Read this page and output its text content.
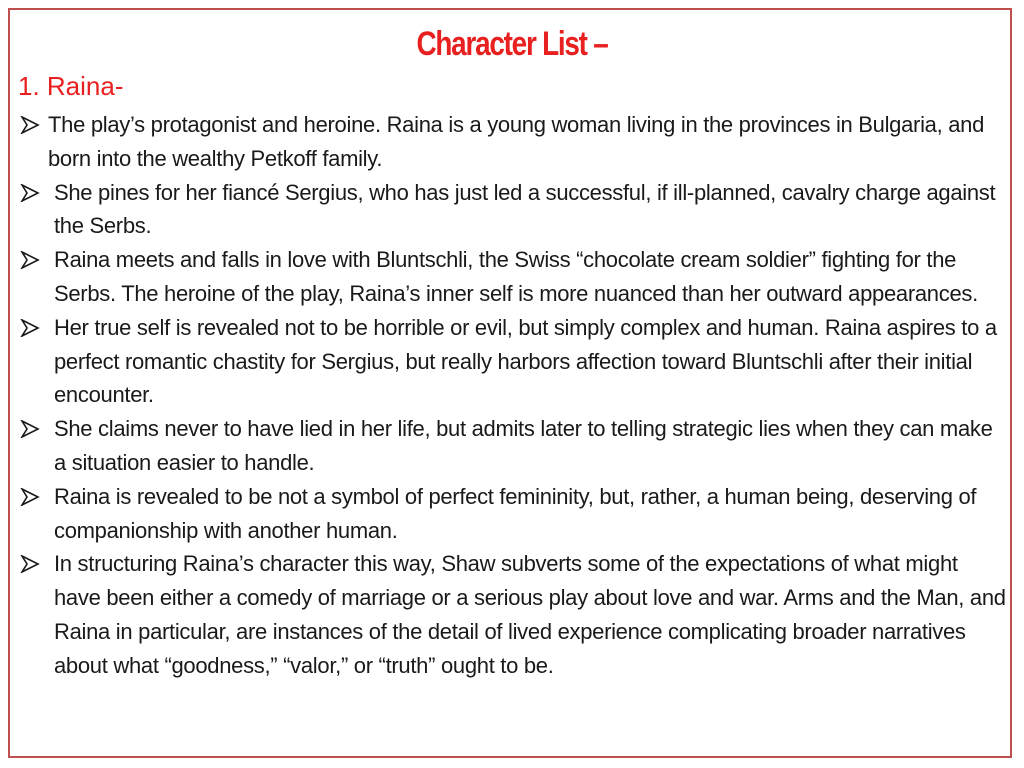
Character List –
1. Raina-
The play’s protagonist and heroine. Raina is a young woman living in the provinces in Bulgaria, and born into the wealthy Petkoff family.
She pines for her fiancé Sergius, who has just led a successful, if ill-planned, cavalry charge against the Serbs.
Raina meets and falls in love with Bluntschli, the Swiss “chocolate cream soldier” fighting for the Serbs. The heroine of the play, Raina’s inner self is more nuanced than her outward appearances.
Her true self is revealed not to be horrible or evil, but simply complex and human. Raina aspires to a perfect romantic chastity for Sergius, but really harbors affection toward Bluntschli after their initial encounter.
She claims never to have lied in her life, but admits later to telling strategic lies when they can make a situation easier to handle.
Raina is revealed to be not a symbol of perfect femininity, but, rather, a human being, deserving of companionship with another human.
In structuring Raina’s character this way, Shaw subverts some of the expectations of what might have been either a comedy of marriage or a serious play about love and war. Arms and the Man, and Raina in particular, are instances of the detail of lived experience complicating broader narratives about what “goodness,” “valor,” or “truth” ought to be.
